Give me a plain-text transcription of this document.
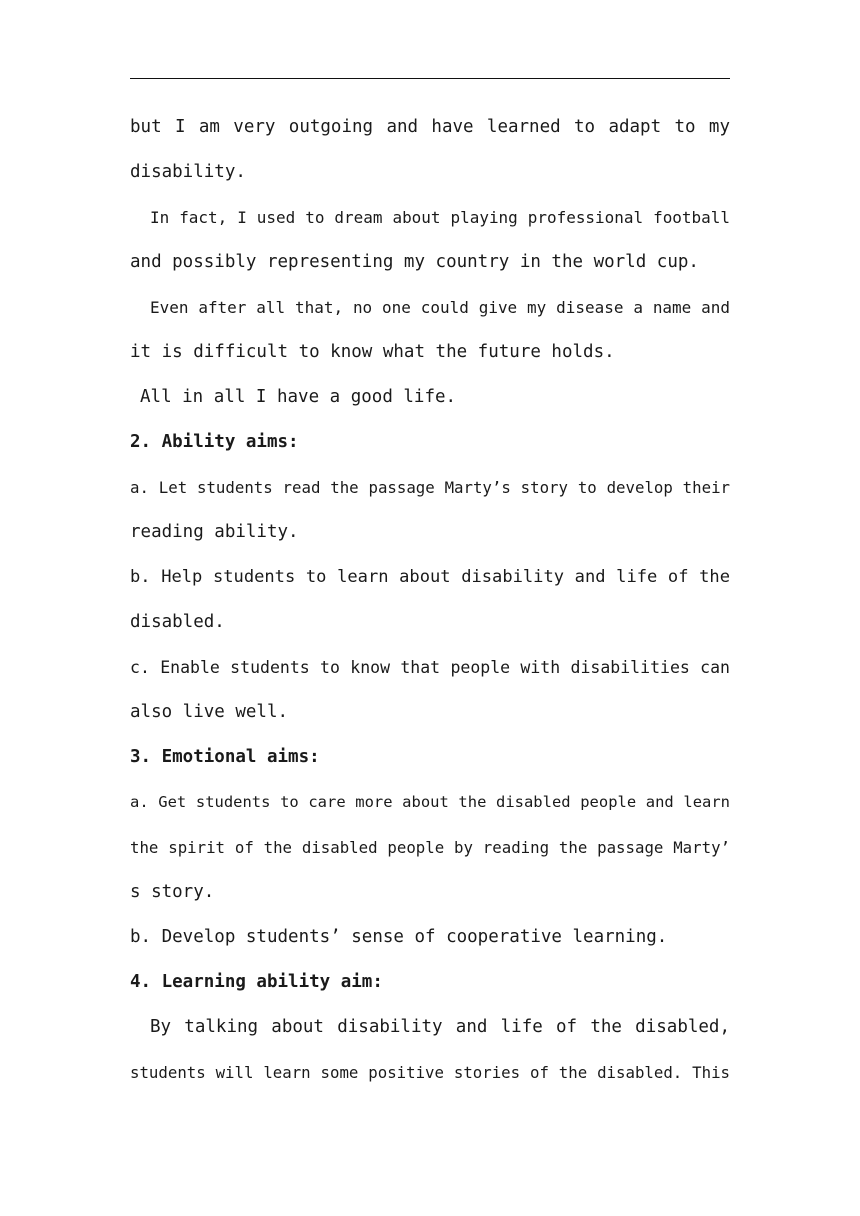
but I am very outgoing and have learned to adapt to my
disability.
In fact, I used to dream about playing professional football
and possibly representing my country in the world cup.
Even after all that, no one could give my disease a name and
it is difficult to know what the future holds.
All in all I have a good life.
2. Ability aims:
a. Let students read the passage Marty’s story to develop their
reading ability.
b. Help students to learn about disability and life of the
disabled.
c. Enable students to know that people with disabilities can
also live well.
3. Emotional aims:
a. Get students to care more about the disabled people and learn
the spirit of the disabled people by reading the passage Marty’
s story.
b. Develop students’ sense of cooperative learning.
4. Learning ability aim:
By talking about disability and life of the disabled,
students will learn some positive stories of the disabled. This
